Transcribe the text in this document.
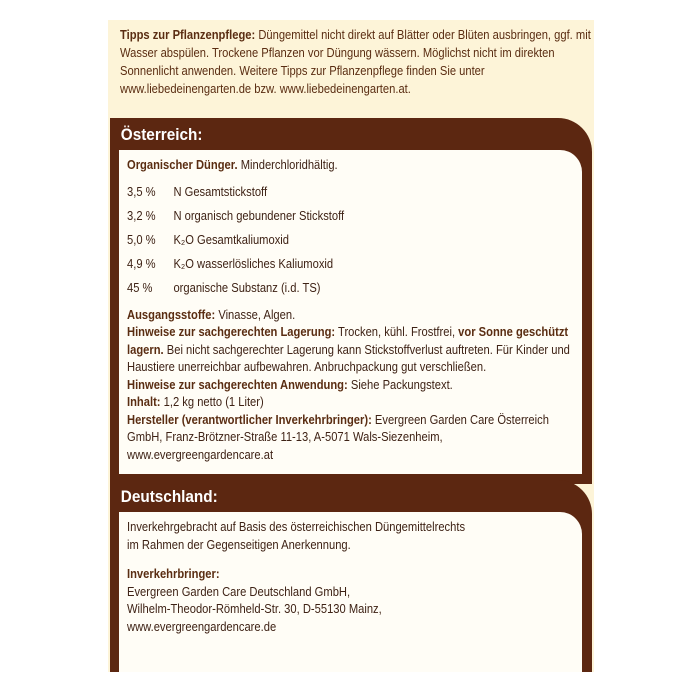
Tipps zur Pflanzenpflege: Düngemittel nicht direkt auf Blätter oder Blüten ausbringen, ggf. mit Wasser abspülen. Trockene Pflanzen vor Düngung wässern. Möglichst nicht im direkten Sonnenlicht anwenden. Weitere Tipps zur Pflanzenpflege finden Sie unter www.liebedeinengarten.de bzw. www.liebedeinengarten.at.
Österreich:

Organischer Dünger. Minderchloridhältig.

3,5 %	N Gesamtstickstoff
3,2 %	N organisch gebundener Stickstoff
5,0 %	K₂O Gesamtkaliumoxid
4,9 %	K₂O wasserlösliches Kaliumoxid
45 %	organische Substanz (i.d. TS)

Ausgangsstoffe: Vinasse, Algen.

Hinweise zur sachgerechten Lagerung: Trocken, kühl. Frostfrei, vor Sonne geschützt lagern. Bei nicht sachgerechter Lagerung kann Stickstoffverlust auftreten. Für Kinder und Haustiere unerreichbar aufbewahren. Anbruchpackung gut verschließen.

Hinweise zur sachgerechten Anwendung: Siehe Packungstext.

Inhalt: 1,2 kg netto (1 Liter)

Hersteller (verantwortlicher Inverkehrbringer): Evergreen Garden Care Österreich GmbH, Franz-Brötzner-Straße 11-13, A-5071 Wals-Siezenheim, www.evergreengardencare.at

Deutschland:

Inverkehrgebracht auf Basis des österreichischen Düngemittelrechts

im Rahmen der Gegenseitigen Anerkennung.

Inverkehrbringer:

Evergreen Garden Care Deutschland GmbH,

Wilhelm-Theodor-Römheld-Str. 30, D-55130 Mainz,

www.evergreengardencare.de
